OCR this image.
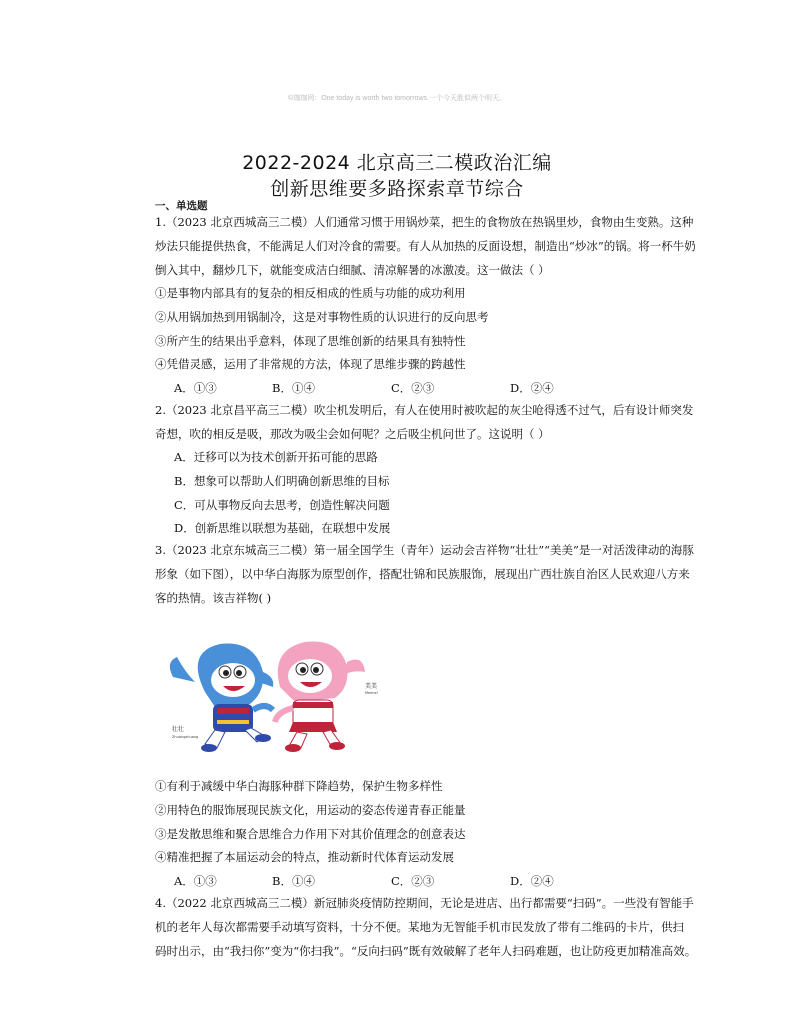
©珈珈网：One today is worth two tomorrows.一个今天胜似两个明天。
2022-2024 北京高三二模政治汇编
创新思维要多路探索章节综合
一、单选题
1.（2023 北京西城高三二模）人们通常习惯于用锅炒菜，把生的食物放在热锅里炒，食物由生变熟。这种
炒法只能提供热食，不能满足人们对冷食的需要。有人从加热的反面设想，制造出“炒冰”的锅。将一杯牛奶
倒入其中，翻炒几下，就能变成洁白细腻、清凉解暑的冰激凌。这一做法（ ）
①是事物内部具有的复杂的相反相成的性质与功能的成功利用
②从用锅加热到用锅制冷，这是对事物性质的认识进行的反向思考
③所产生的结果出乎意料，体现了思维创新的结果具有独特性
④凭借灵感，运用了非常规的方法，体现了思维步骤的跨越性
A．①③	B．①④	C．②③	D．②④
2.（2023 北京昌平高三二模）吹尘机发明后，有人在使用时被吹起的灰尘呛得透不过气，后有设计师突发
奇想，吹的相反是吸，那改为吸尘会如何呢？之后吸尘机问世了。这说明（ ）
A．迁移可以为技术创新开拓可能的思路
B．想象可以帮助人们明确创新思维的目标
C．可从事物反向去思考，创造性解决问题
D．创新思维以联想为基础，在联想中发展
3.（2023 北京东城高三二模）第一届全国学生（青年）运动会吉祥物“壮壮”“美美”是一对活泼律动的海豚
形象（如下图），以中华白海豚为原型创作，搭配壮锦和民族服饰，展现出广西壮族自治区人民欢迎八方来
客的热情。该吉祥物( )
壮壮
Zhuangzhuang
美美
Meimei
①有利于减缓中华白海豚种群下降趋势，保护生物多样性
②用特色的服饰展现民族文化，用运动的姿态传递青春正能量
③是发散思维和聚合思维合力作用下对其价值理念的创意表达
④精准把握了本届运动会的特点，推动新时代体育运动发展
A．①③	B．①④	C．②③	D．②④
4.（2022 北京西城高三二模）新冠肺炎疫情防控期间，无论是进店、出行都需要“扫码”。一些没有智能手
机的老年人每次都需要手动填写资料，十分不便。某地为无智能手机市民发放了带有二维码的卡片，供扫
码时出示，由“我扫你”变为“你扫我”。“反向扫码”既有效破解了老年人扫码难题，也让防疫更加精准高效。
